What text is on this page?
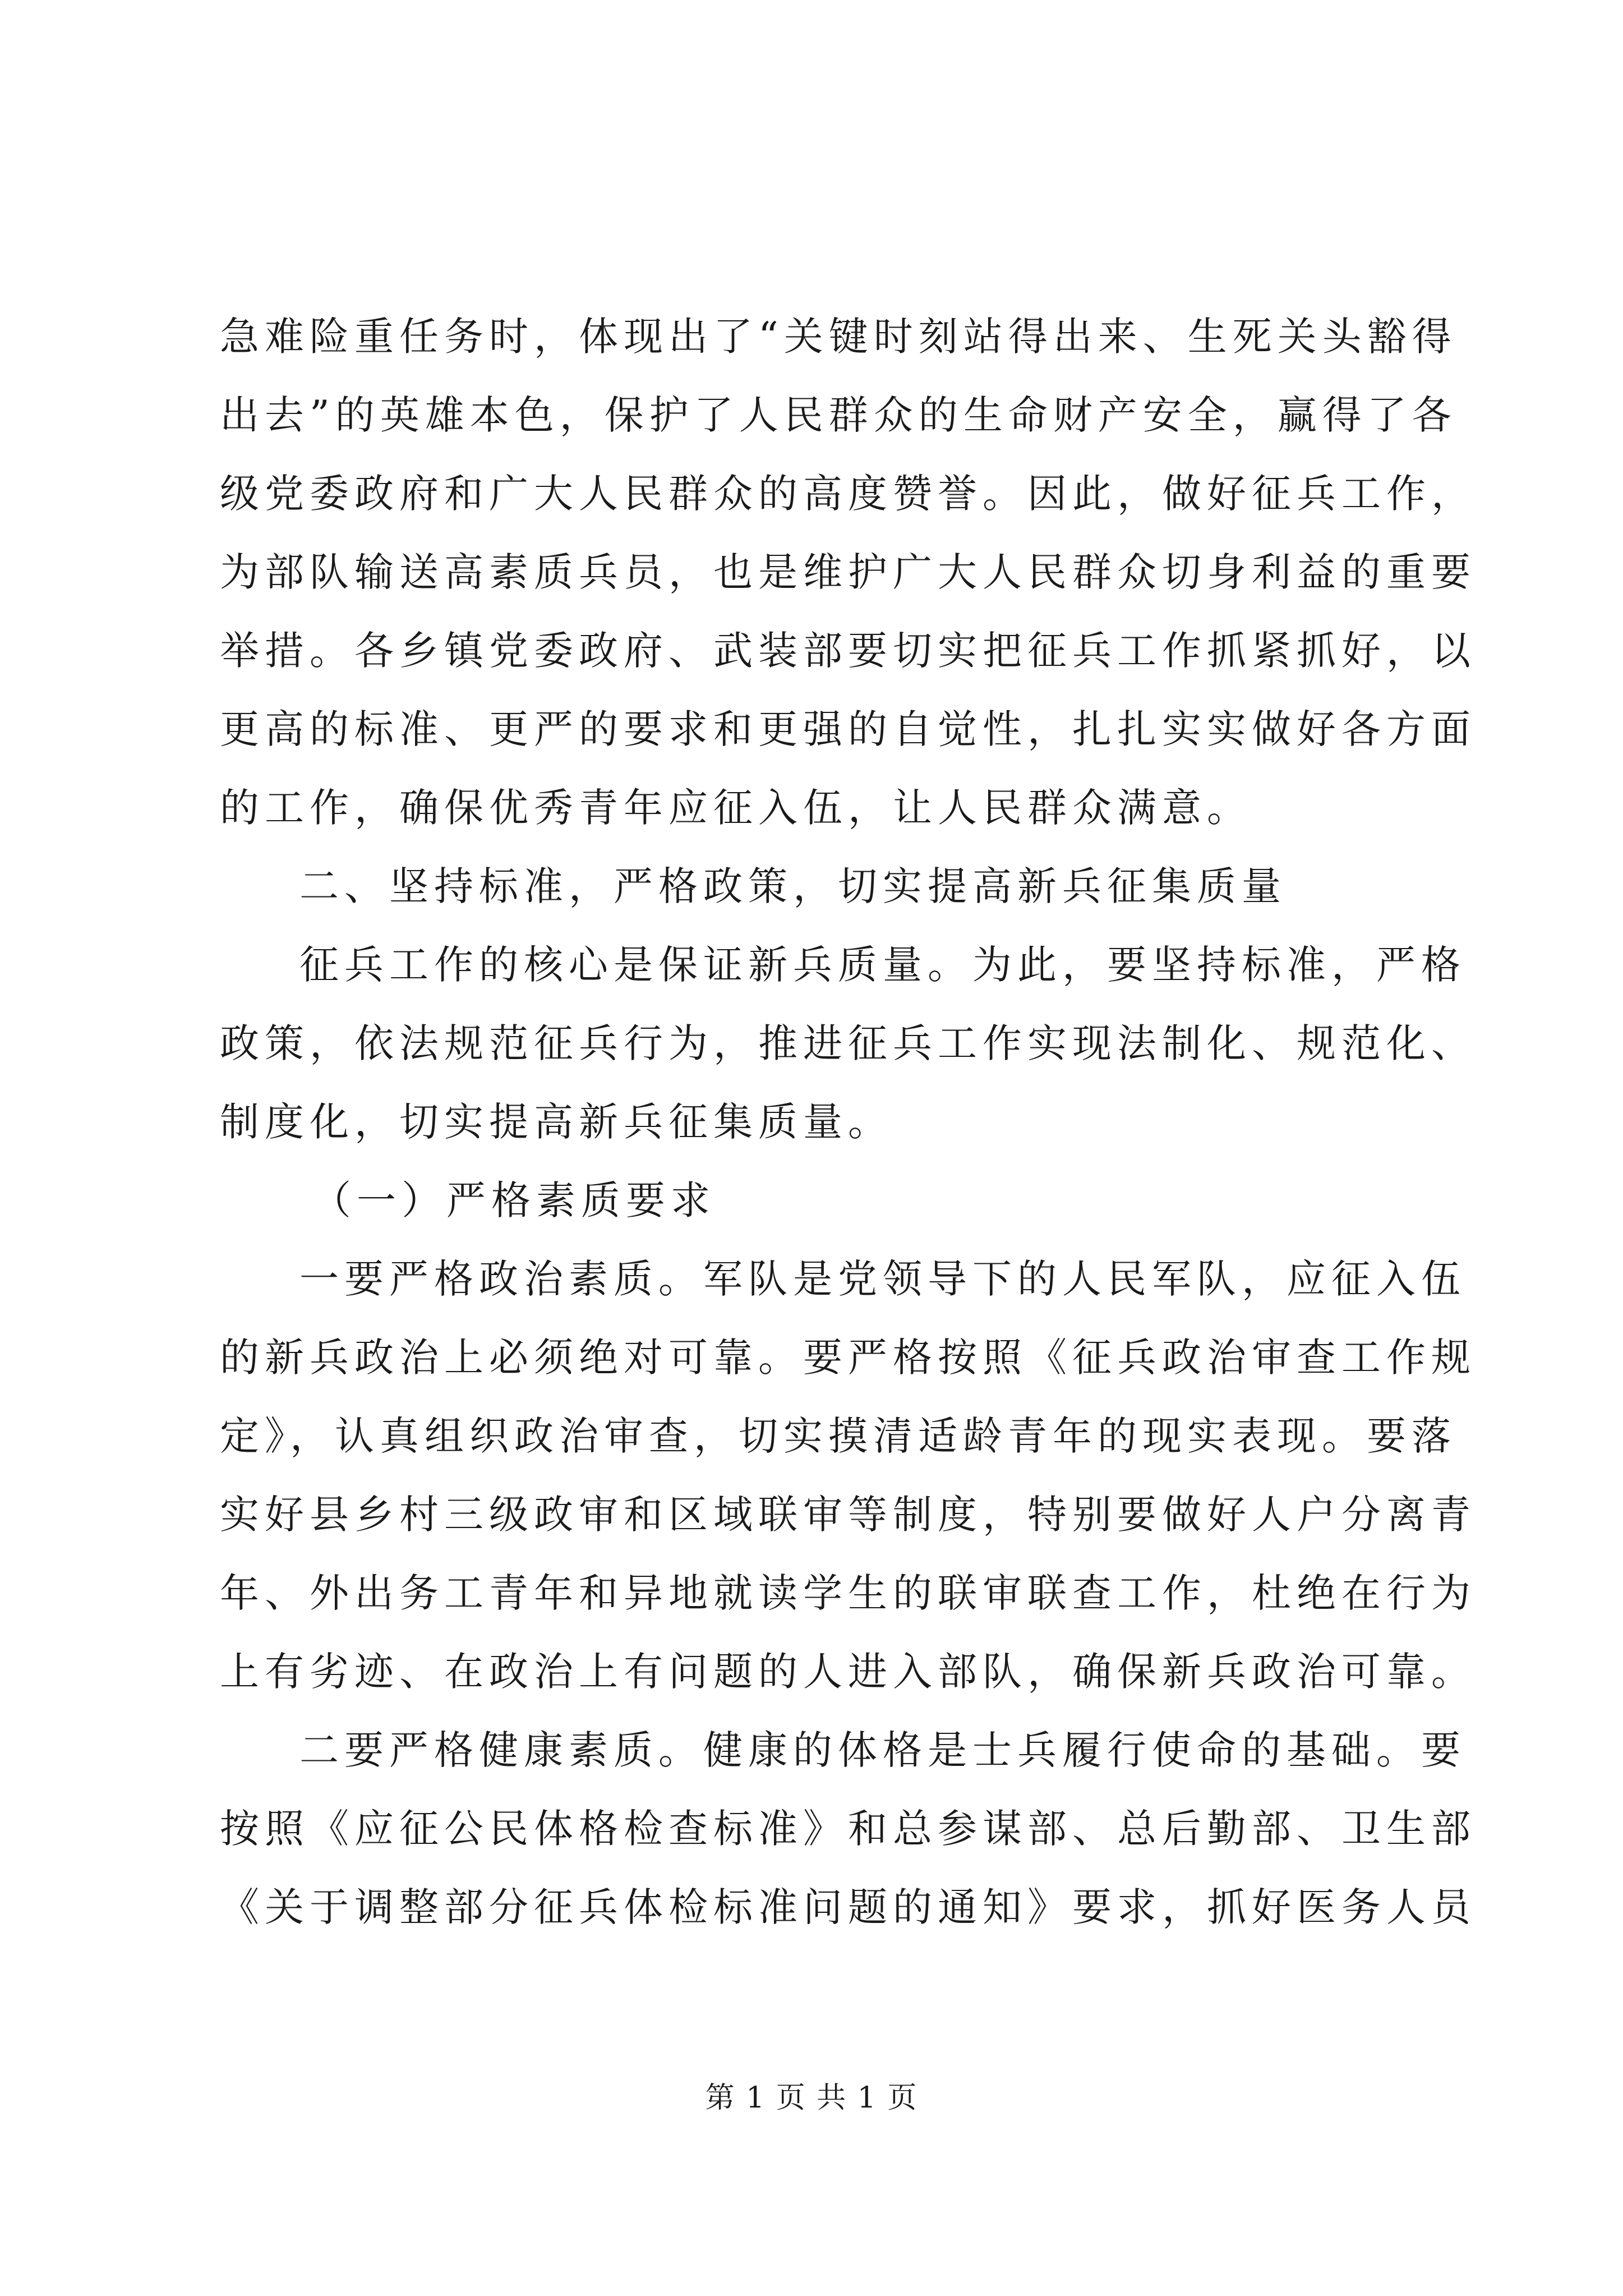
急难险重任务时，体现出了“关键时刻站得出来、生死关头豁得
出去”的英雄本色，保护了人民群众的生命财产安全，赢得了各
级党委政府和广大人民群众的高度赞誉。因此，做好征兵工作，
为部队输送高素质兵员，也是维护广大人民群众切身利益的重要
举措。各乡镇党委政府、武装部要切实把征兵工作抓紧抓好，以
更高的标准、更严的要求和更强的自觉性，扎扎实实做好各方面
的工作，确保优秀青年应征入伍，让人民群众满意。
二、坚持标准，严格政策，切实提高新兵征集质量
征兵工作的核心是保证新兵质量。为此，要坚持标准，严格
政策，依法规范征兵行为，推进征兵工作实现法制化、规范化、
制度化，切实提高新兵征集质量。
（一）严格素质要求
一要严格政治素质。军队是党领导下的人民军队，应征入伍
的新兵政治上必须绝对可靠。要严格按照《征兵政治审查工作规
定》，认真组织政治审查，切实摸清适龄青年的现实表现。要落
实好县乡村三级政审和区域联审等制度，特别要做好人户分离青
年、外出务工青年和异地就读学生的联审联查工作，杜绝在行为
上有劣迹、在政治上有问题的人进入部队，确保新兵政治可靠。
二要严格健康素质。健康的体格是士兵履行使命的基础。要
按照《应征公民体格检查标准》和总参谋部、总后勤部、卫生部
《关于调整部分征兵体检标准问题的通知》要求，抓好医务人员
第 1 页 共 1 页
